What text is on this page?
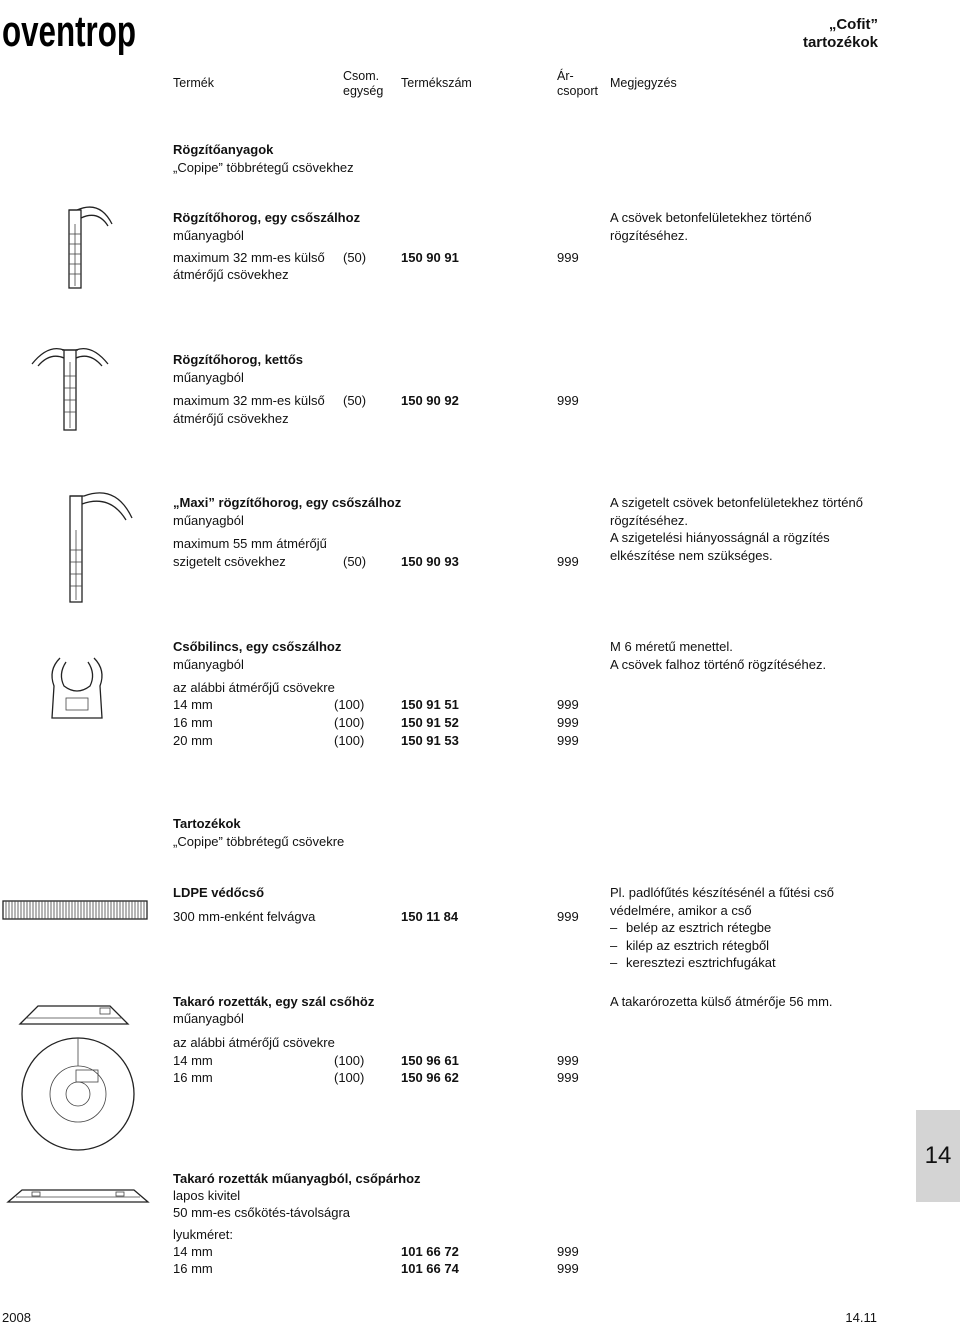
oventrop	„Cofit”
tartozékok
Termék	Csom.
egység
Termékszám	Ár-
csoport
Megjegyzés
Rögzítőanyagok
„Copipe” többrétegű csövekhez
Rögzítőhorog, egy csőszálhoz
műanyagból
maximum 32 mm-es külső
átmérőjű csövekhez
(50)	150 90 91	999
A csövek betonfelületekhez történő
rögzítéséhez.
Rögzítőhorog, kettős
műanyagból
maximum 32 mm-es külső
átmérőjű csövekhez
(50)	150 90 92	999
„Maxi” rögzítőhorog, egy csőszálhoz
műanyagból
maximum 55 mm átmérőjű
szigetelt csövekhez	(50)	150 90 93	999
A szigetelt csövek betonfelületekhez történő
rögzítéséhez.
A szigetelési hiányosságnál a rögzítés
elkészítése nem szükséges.
Csőbilincs, egy csőszálhoz
műanyagból
az alábbi átmérőjű csövekre
14 mm	(100)	150 91 51	999
16 mm	(100)	150 91 52	999
20 mm	(100)	150 91 53	999
M 6 méretű menettel.
A csövek falhoz történő rögzítéséhez.
Tartozékok
„Copipe” többrétegű csövekre
LDPE védőcső
300 mm-enként felvágva	150 11 84	999
Pl. padlófűtés készítésénél a fűtési cső
védelmére, amikor a cső
– belép az esztrich rétegbe
– kilép az esztrich rétegből
– keresztezi esztrichfugákat
Takaró rozetták, egy szál csőhöz
műanyagból
az alábbi átmérőjű csövekre
14 mm	(100)	150 96 61	999
16 mm	(100)	150 96 62	999
A takarórozetta külső átmérője 56 mm.
Takaró rozetták műanyagból, csőpárhoz
lapos kivitel
50 mm-es csőkötés-távolságra
lyukméret:
14 mm	101 66 72	999
16 mm	101 66 74	999
14
2008	14.11
